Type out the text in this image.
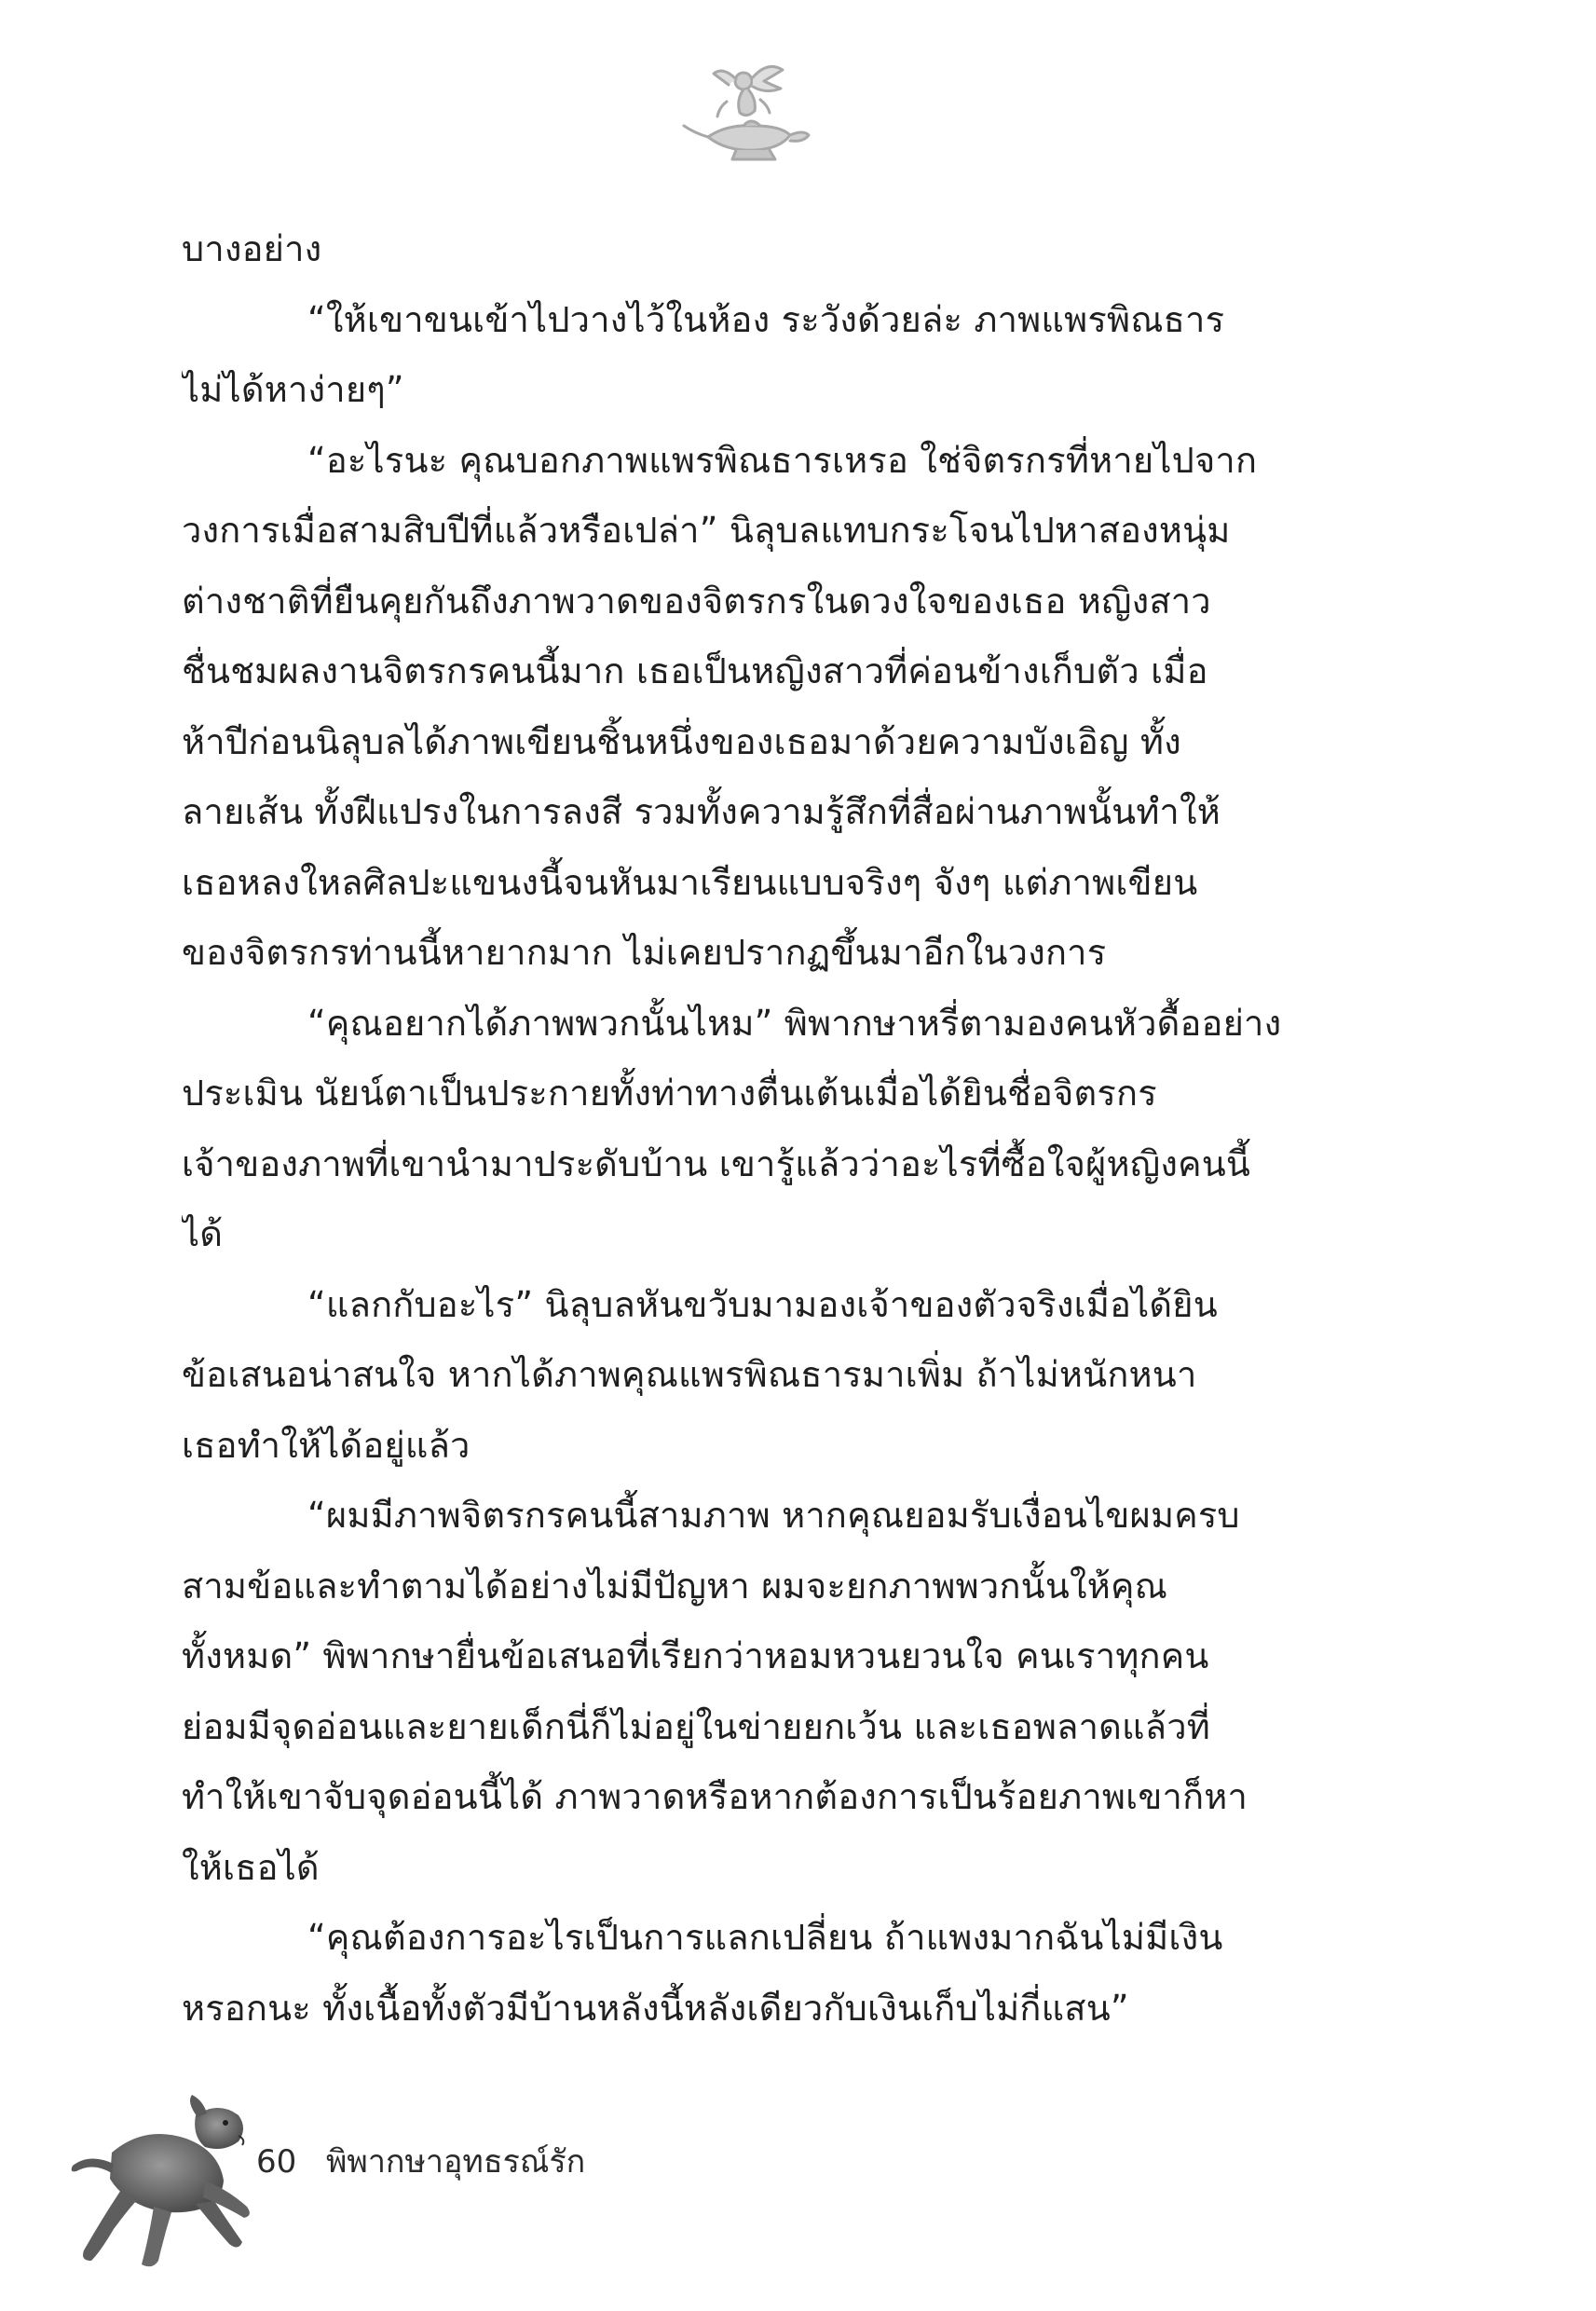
บางอย่าง
“ให้เขาขนเข้าไปวางไว้ในห้อง ระวังด้วยล่ะ ภาพแพรพิณธาร
ไม่ได้หาง่ายๆ”
“อะไรนะ คุณบอกภาพแพรพิณธารเหรอ ใช่จิตรกรที่หายไปจาก
วงการเมื่อสามสิบปีที่แล้วหรือเปล่า” นิลุบลแทบกระโจนไปหาสองหนุ่ม
ต่างชาติที่ยืนคุยกันถึงภาพวาดของจิตรกรในดวงใจของเธอ หญิงสาว
ชื่นชมผลงานจิตรกรคนนี้มาก เธอเป็นหญิงสาวที่ค่อนข้างเก็บตัว เมื่อ
ห้าปีก่อนนิลุบลได้ภาพเขียนชิ้นหนึ่งของเธอมาด้วยความบังเอิญ ทั้ง
ลายเส้น ทั้งฝีแปรงในการลงสี รวมทั้งความรู้สึกที่สื่อผ่านภาพนั้นทำให้
เธอหลงใหลศิลปะแขนงนี้จนหันมาเรียนแบบจริงๆ จังๆ แต่ภาพเขียน
ของจิตรกรท่านนี้หายากมาก ไม่เคยปรากฏขึ้นมาอีกในวงการ
“คุณอยากได้ภาพพวกนั้นไหม” พิพากษาหรี่ตามองคนหัวดื้ออย่าง
ประเมิน นัยน์ตาเป็นประกายทั้งท่าทางตื่นเต้นเมื่อได้ยินชื่อจิตรกร
เจ้าของภาพที่เขานำมาประดับบ้าน เขารู้แล้วว่าอะไรที่ซื้อใจผู้หญิงคนนี้
ได้
“แลกกับอะไร” นิลุบลหันขวับมามองเจ้าของตัวจริงเมื่อได้ยิน
ข้อเสนอน่าสนใจ หากได้ภาพคุณแพรพิณธารมาเพิ่ม ถ้าไม่หนักหนา
เธอทำให้ได้อยู่แล้ว
“ผมมีภาพจิตรกรคนนี้สามภาพ หากคุณยอมรับเงื่อนไขผมครบ
สามข้อและทำตามได้อย่างไม่มีปัญหา ผมจะยกภาพพวกนั้นให้คุณ
ทั้งหมด” พิพากษายื่นข้อเสนอที่เรียกว่าหอมหวนยวนใจ คนเราทุกคน
ย่อมมีจุดอ่อนและยายเด็กนี่ก็ไม่อยู่ในข่ายยกเว้น และเธอพลาดแล้วที่
ทำให้เขาจับจุดอ่อนนี้ได้ ภาพวาดหรือหากต้องการเป็นร้อยภาพเขาก็หา
ให้เธอได้
“คุณต้องการอะไรเป็นการแลกเปลี่ยน ถ้าแพงมากฉันไม่มีเงิน
หรอกนะ ทั้งเนื้อทั้งตัวมีบ้านหลังนี้หลังเดียวกับเงินเก็บไม่กี่แสน”
60 พิพากษาอุทธรณ์รัก
